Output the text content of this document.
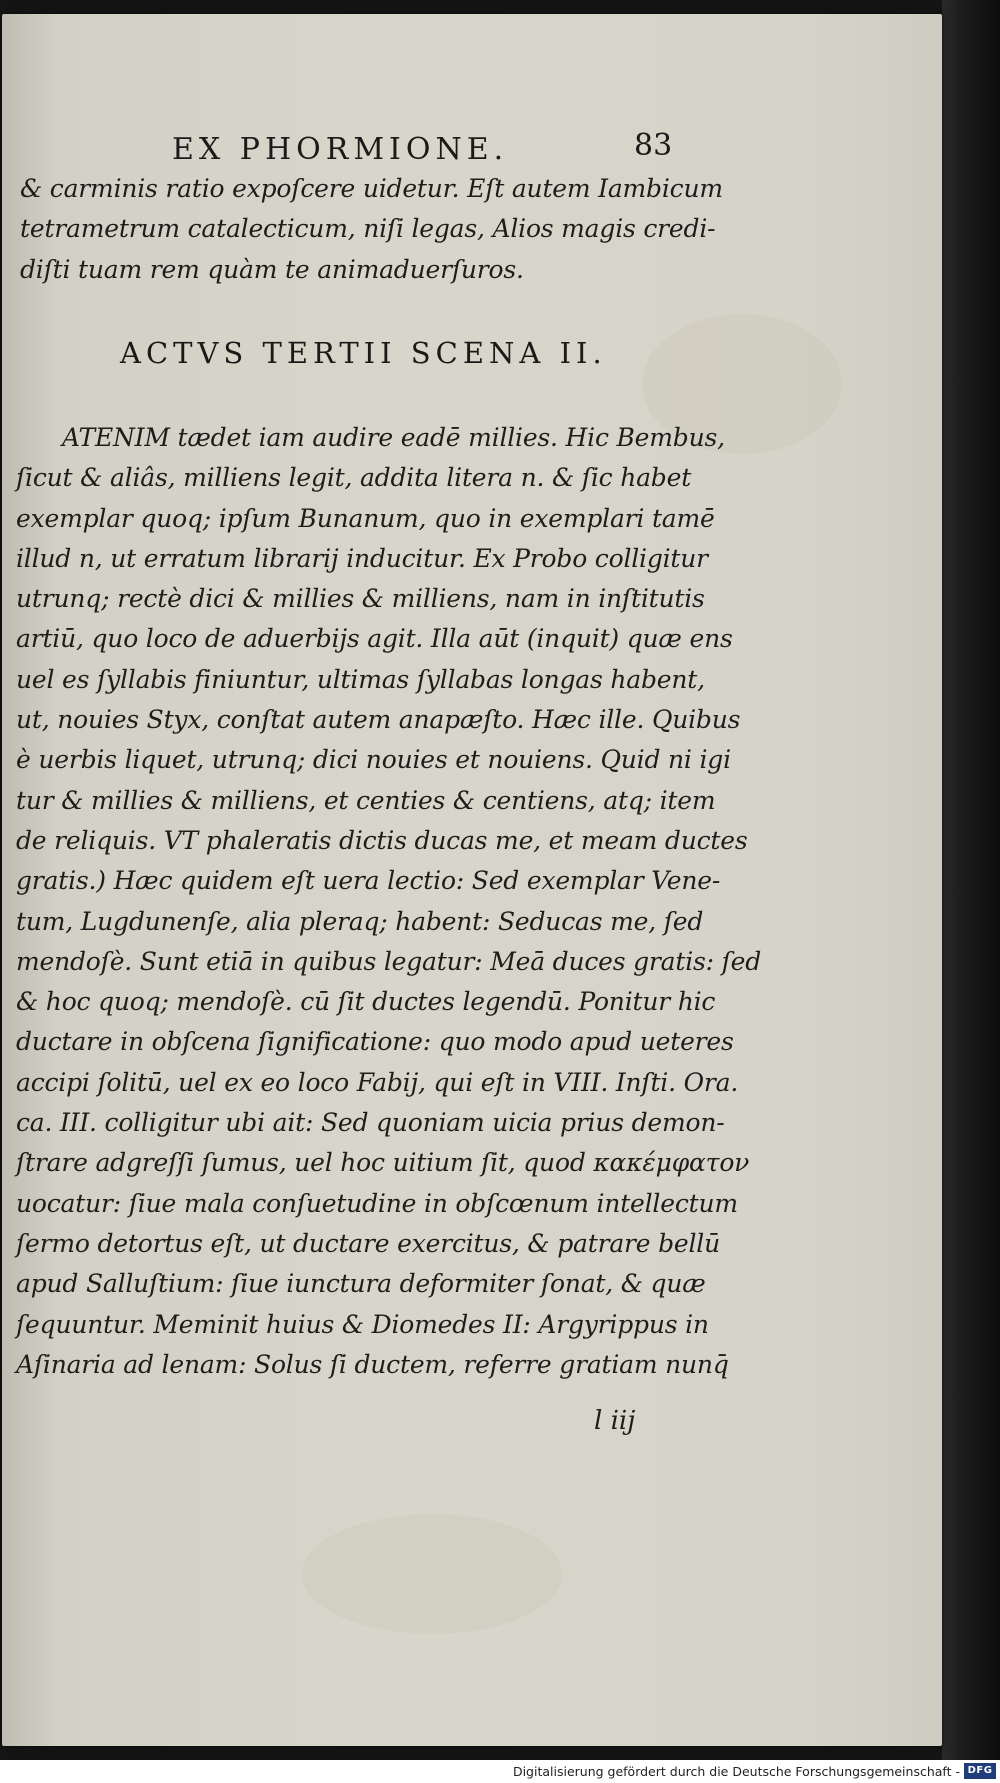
EX PHORMIONE.	83
& carminis ratio expoſcere uidetur. Eſt autem Iambicum
tetrametrum catalecticum, niſi legas, Alios magis credi-
diſti tuam rem quàm te animaduerſuros.
ACTVS TERTII SCENA II.
ATENIM tædet iam audire eadē millies. Hic Bembus,
ſicut & aliâs, milliens legit, addita litera n. & ſic habet
exemplar quoq; ipſum Bunanum, quo in exemplari tamē
illud n, ut erratum librarij inducitur. Ex Probo colligitur
utrunq; rectè dici & millies & milliens, nam in inſtitutis
artiū, quo loco de aduerbijs agit. Illa aūt (inquit) quæ ens
uel es ſyllabis finiuntur, ultimas ſyllabas longas habent,
ut, nouies Styx, conſtat autem anapæſto. Hæc ille. Quibus
è uerbis liquet, utrunq; dici nouies et nouiens. Quid ni igi
tur & millies & milliens, et centies & centiens, atq; item
de reliquis. VT phaleratis dictis ducas me, et meam ductes
gratis.) Hæc quidem eſt uera lectio: Sed exemplar Vene-
tum, Lugdunenſe, alia pleraq; habent: Seducas me, ſed
mendoſè. Sunt etiā in quibus legatur: Meā duces gratis: ſed
& hoc quoq; mendoſè. cū ſit ductes legendū. Ponitur hic
ductare in obſcena ſignificatione: quo modo apud ueteres
accipi ſolitū, uel ex eo loco Fabij, qui eſt in VIII. Inſti. Ora.
ca. III. colligitur ubi ait: Sed quoniam uicia prius demon-
ſtrare adgreſſi ſumus, uel hoc uitium ſit, quod κακέμφατον
uocatur: ſiue mala conſuetudine in obſcœnum intellectum
ſermo detortus eſt, ut ductare exercitus, & patrare bellū
apud Salluſtium: ſiue iunctura deformiter ſonat, & quæ
ſequuntur. Meminit huius & Diomedes II: Argyrippus in
Aſinaria ad lenam: Solus ſi ductem, referre gratiam nunq̄
l iij
Digitalisierung gefördert durch die Deutsche Forschungsgemeinschaft - DFG
